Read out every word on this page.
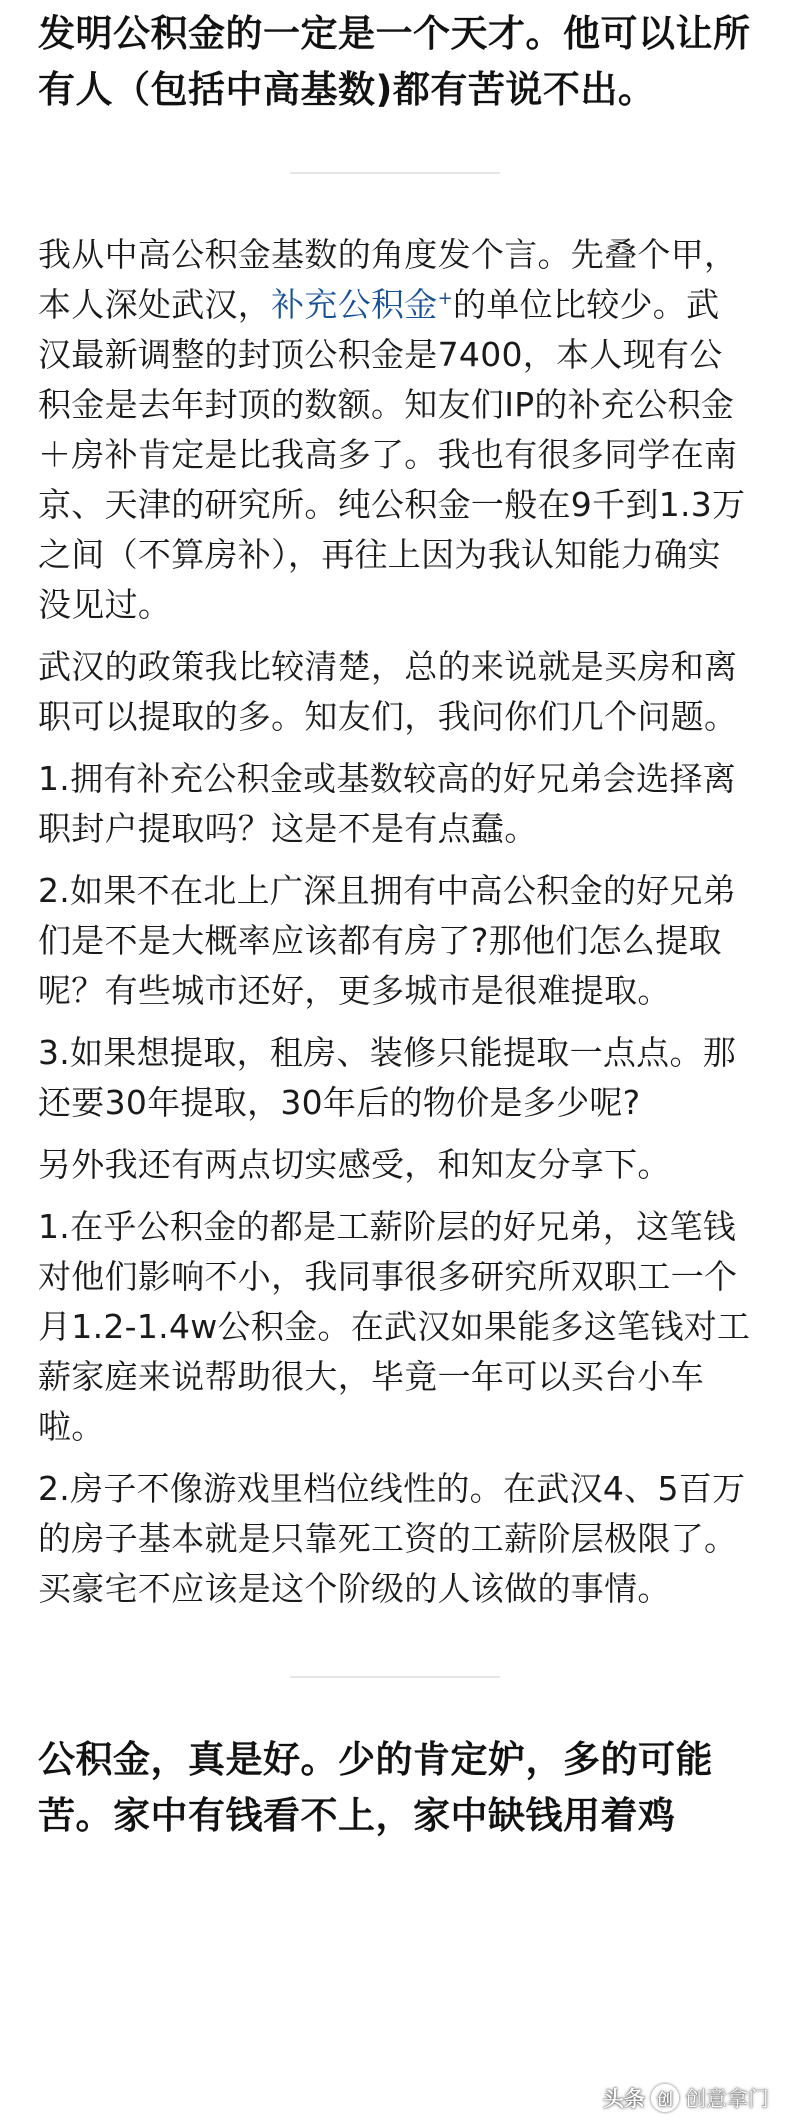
发明公积金的一定是一个天才。他可以让所有人（包括中高基数)都有苦说不出。

我从中高公积金基数的角度发个言。先叠个甲，本人深处武汉，补充公积金+的单位比较少。武汉最新调整的封顶公积金是7400，本人现有公积金是去年封顶的数额。知友们IP的补充公积金＋房补肯定是比我高多了。我也有很多同学在南京、天津的研究所。纯公积金一般在9千到1.3万之间（不算房补），再往上因为我认知能力确实没见过。

武汉的政策我比较清楚，总的来说就是买房和离职可以提取的多。知友们，我问你们几个问题。

1.拥有补充公积金或基数较高的好兄弟会选择离职封户提取吗？这是不是有点蠢。

2.如果不在北上广深且拥有中高公积金的好兄弟们是不是大概率应该都有房了?那他们怎么提取呢？有些城市还好，更多城市是很难提取。

3.如果想提取，租房、装修只能提取一点点。那还要30年提取，30年后的物价是多少呢?

另外我还有两点切实感受，和知友分享下。

1.在乎公积金的都是工薪阶层的好兄弟，这笔钱对他们影响不小，我同事很多研究所双职工一个月1.2-1.4w公积金。在武汉如果能多这笔钱对工薪家庭来说帮助很大，毕竟一年可以买台小车啦。

2.房子不像游戏里档位线性的。在武汉4、5百万的房子基本就是只靠死工资的工薪阶层极限了。买豪宅不应该是这个阶级的人该做的事情。

公积金，真是好。少的肯定妒，多的可能苦。家中有钱看不上，家中缺钱用着鸡
头条 创 创意拿门
